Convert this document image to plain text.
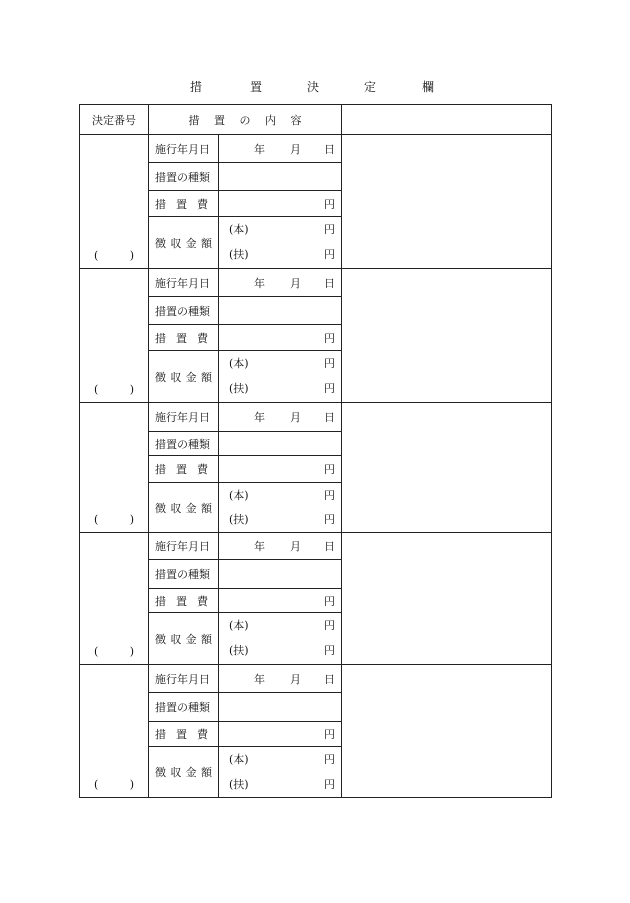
措	置	決	定	欄
決定番号	措  置  の  内  容		

( )	施行年月日	年 月 日	

	措置の種類		

	措 置 費	円	

	徴 収 金 額	(本) 円	

		(扶) 円	

( )	施行年月日	年 月 日	

	措置の種類		

	措 置 費	円	

	徴 収 金 額	(本) 円	

		(扶) 円	

( )	施行年月日	年 月 日	

	措置の種類		

	措 置 費	円	

	徴 収 金 額	(本) 円	

		(扶) 円	

( )	施行年月日	年 月 日	

	措置の種類		

	措 置 費	円	

	徴 収 金 額	(本) 円	

		(扶) 円	

( )	施行年月日	年 月 日	

	措置の種類		

	措 置 費	円	

	徴 収 金 額	(本) 円	

		(扶) 円	
